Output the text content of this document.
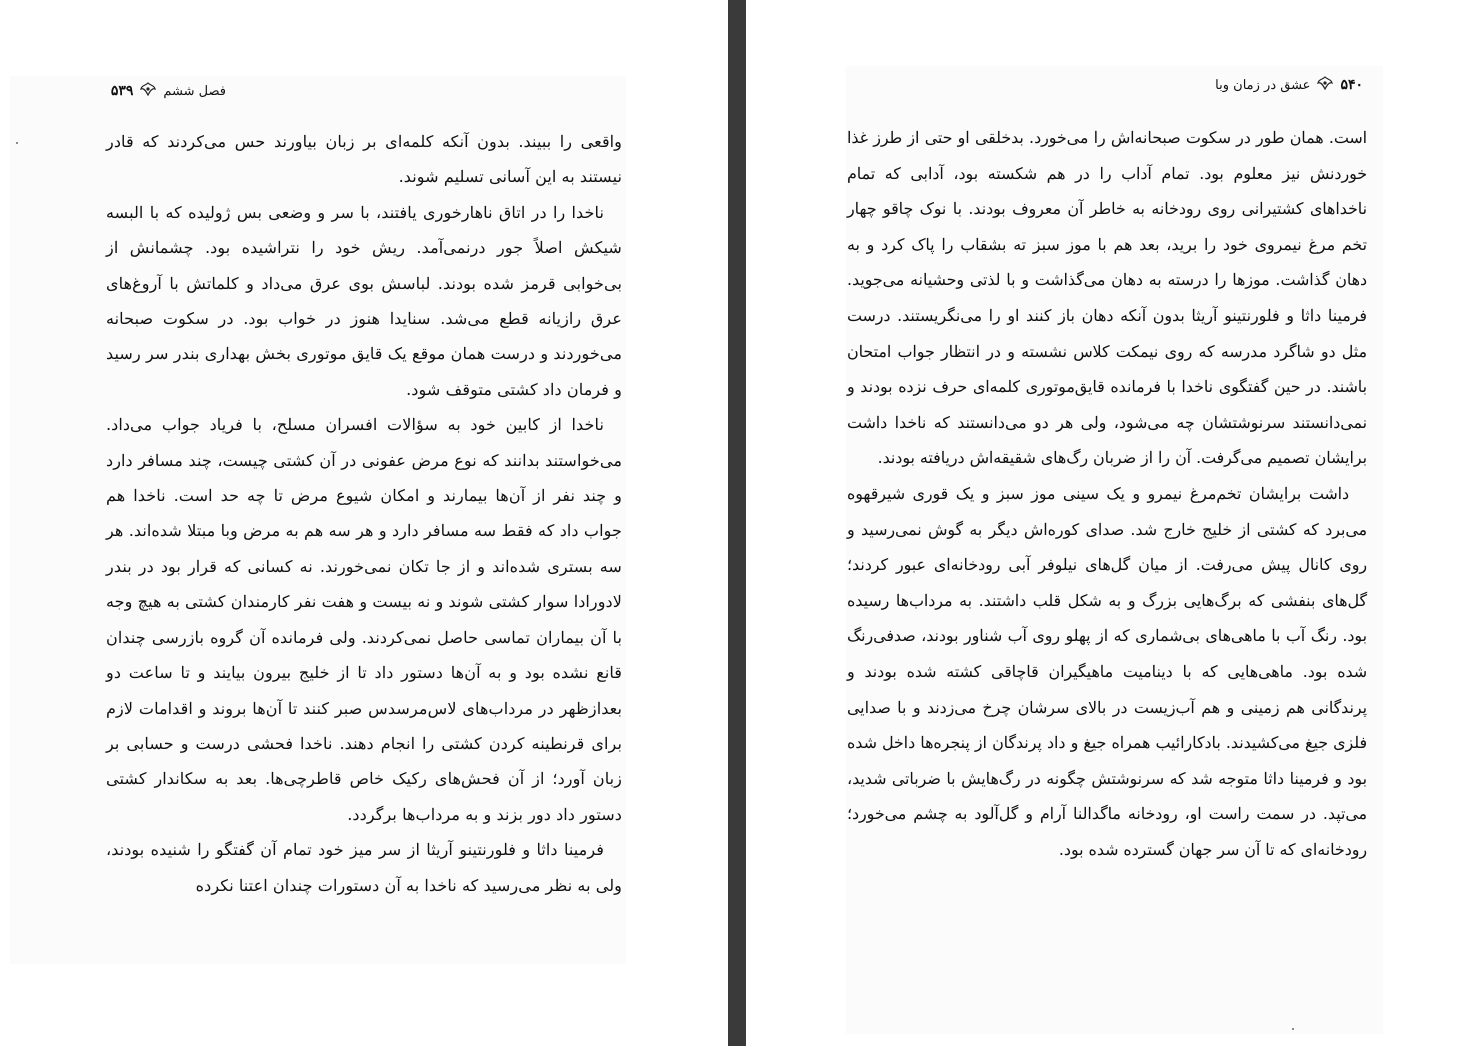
فصل ششم
۵۳۹

واقعی را ببیند. بدون آنکه کلمه‌ای بر زبان بیاورند حس می‌کردند که قادر نیستند به این آسانی تسلیم شوند.

ناخدا را در اتاق ناهارخوری یافتند، با سر و وضعی بس ژولیده که با البسه شیکش اصلاً جور درنمی‌آمد. ریش خود را نتراشیده بود. چشمانش از بی‌خوابی قرمز شده بودند. لباسش بوی عرق می‌داد و کلماتش با آروغ‌های عرق رازیانه قطع می‌شد. سنایدا هنوز در خواب بود. در سکوت صبحانه می‌خوردند و درست همان موقع یک قایق موتوری بخش بهداری بندر سر رسید و فرمان داد کشتی متوقف شود.

ناخدا از کابین خود به سؤالات افسران مسلح، با فریاد جواب می‌داد. می‌خواستند بدانند که نوع مرض عفونی در آن کشتی چیست، چند مسافر دارد و چند نفر از آن‌ها بیمارند و امکان شیوع مرض تا چه حد است. ناخدا هم جواب داد که فقط سه مسافر دارد و هر سه هم به مرض وبا مبتلا شده‌اند. هر سه بستری شده‌اند و از جا تکان نمی‌خورند. نه کسانی که قرار بود در بندر لادورادا سوار کشتی شوند و نه بیست و هفت نفر کارمندان کشتی به هیچ وجه با آن بیماران تماسی حاصل نمی‌کردند. ولی فرمانده آن گروه بازرسی چندان قانع نشده بود و به آن‌ها دستور داد تا از خلیج بیرون بیایند و تا ساعت دو بعدازظهر در مرداب‌های لاس‌مرسدس صبر کنند تا آن‌ها بروند و اقدامات لازم برای قرنطینه کردن کشتی را انجام دهند. ناخدا فحشی درست و حسابی بر زبان آورد؛ از آن فحش‌های رکیک خاص قاطرچی‌ها. بعد به سکاندار کشتی دستور داد دور بزند و به مرداب‌ها برگردد.

فرمینا داثا و فلورنتینو آریثا از سر میز خود تمام آن گفتگو را شنیده بودند، ولی به نظر می‌رسید که ناخدا به آن دستورات چندان اعتنا نکرده

۵۴۰
عشق در زمان وبا

است. همان طور در سکوت صبحانه‌اش را می‌خورد. بدخلقی او حتی از طرز غذا خوردنش نیز معلوم بود. تمام آداب را در هم شکسته بود، آدابی که تمام ناخداهای کشتیرانی روی رودخانه به خاطر آن معروف بودند. با نوک چاقو چهار تخم مرغ نیمروی خود را برید، بعد هم با موز سبز ته بشقاب را پاک کرد و به دهان گذاشت. موزها را درسته به دهان می‌گذاشت و با لذتی وحشیانه می‌جوید. فرمینا داثا و فلورنتینو آریثا بدون آنکه دهان باز کنند او را می‌نگریستند. درست مثل دو شاگرد مدرسه که روی نیمکت کلاس نشسته و در انتظار جواب امتحان باشند. در حین گفتگوی ناخدا با فرمانده قایق‌موتوری کلمه‌ای حرف نزده بودند و نمی‌دانستند سرنوشتشان چه می‌شود، ولی هر دو می‌دانستند که ناخدا داشت برایشان تصمیم می‌گرفت. آن را از ضربان رگ‌های شقیقه‌اش دریافته بودند.

داشت برایشان تخم‌مرغ نیمرو و یک سینی موز سبز و یک قوری شیرقهوه می‌برد که کشتی از خلیج خارج شد. صدای کوره‌اش دیگر به گوش نمی‌رسید و روی کانال پیش می‌رفت. از میان گل‌های نیلوفر آبی رودخانه‌ای عبور کردند؛ گل‌های بنفشی که برگ‌هایی بزرگ و به شکل قلب داشتند. به مرداب‌ها رسیده بود. رنگ آب با ماهی‌های بی‌شماری که از پهلو روی آب شناور بودند، صدفی‌رنگ شده بود. ماهی‌هایی که با دینامیت ماهیگیران قاچاقی کشته شده بودند و پرندگانی هم زمینی و هم آب‌زیست در بالای سرشان چرخ می‌زدند و با صدایی فلزی جیغ می‌کشیدند. بادکارائیب همراه جیغ و داد پرندگان از پنجره‌ها داخل شده بود و فرمینا داثا متوجه شد که سرنوشتش چگونه در رگ‌هایش با ضرباتی شدید، می‌تپد. در سمت راست او، رودخانه ماگدالنا آرام و گل‌آلود به چشم می‌خورد؛ رودخانه‌ای که تا آن سر جهان گسترده شده بود.
